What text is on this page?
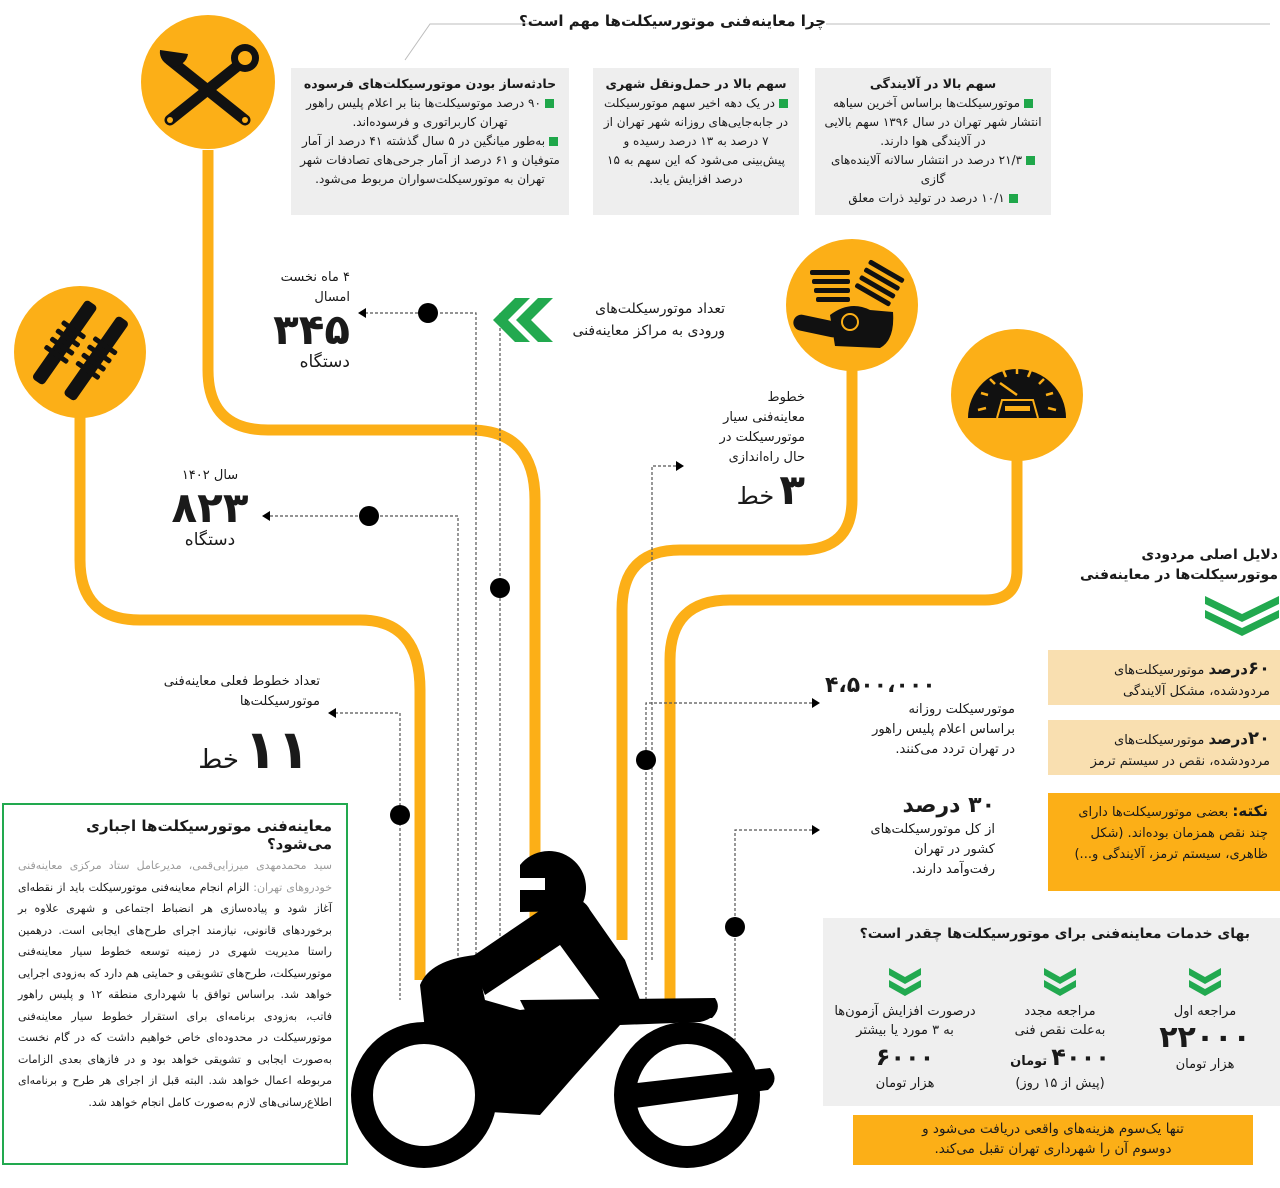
چرا معاینه‌فنی موتورسیکلت‌ها مهم است؟
سهم بالا در آلایندگی
موتورسیکلت‌ها براساس آخرین سیاهه انتشار شهر تهران در سال ۱۳۹۶ سهم بالایی در آلایندگی هوا دارند.
۲۱/۳ درصد در انتشار سالانه آلاینده‌های گازی
۱۰/۱ درصد در تولید ذرات معلق
سهم بالا در حمل‌ونقل شهری
در یک دهه اخیر سهم موتورسیکلت در جابه‌جایی‌های روزانه شهر تهران از ۷ درصد به ۱۳ درصد رسیده و پیش‌بینی می‌شود که این سهم به ۱۵ درصد افزایش یابد.
حادثه‌ساز بودن موتورسیکلت‌های فرسوده
۹۰ درصد موتوسیکلت‌ها بنا بر اعلام پلیس راهور تهران کاربراتوری و فرسوده‌اند.
به‌طور میانگین در ۵ سال گذشته ۴۱ درصد از آمار متوفیان و ۶۱ درصد از آمار جرحی‌های تصادفات شهر تهران به موتورسیکلت‌سواران مربوط می‌شود.
تعداد موتورسیکلت‌های
ورودی به مراکز معاینه‌فنی
۴ ماه نخست
امسال
۳۴۵
دستگاه
سال ۱۴۰۲
۸۲۳
دستگاه
خطوط
معاینه‌فنی سیار
موتورسیکلت در
حال راه‌اندازی
۳ خط
تعداد خطوط فعلی معاینه‌فنی
موتورسیکلت‌ها
۱۱ خط
۴،۵۰۰،۰۰۰
موتورسیکلت روزانه
براساس اعلام پلیس راهور
در تهران تردد می‌کنند.
۳۰ درصد
از کل موتورسیکلت‌های
کشور در تهران
رفت‌وآمد دارند.
معاینه‌فنی موتورسیکلت‌ها اجباری می‌شود؟

سید محمدمهدی میرزایی‌قمی، مدیرعامل ستاد مرکزی معاینه‌فنی خودروهای تهران: الزام انجام معاینه‌فنی موتورسیکلت باید از نقطه‌ای آغاز شود و پیاده‌سازی هر انضباط اجتماعی و شهری علاوه بر برخوردهای قانونی، نیازمند اجرای طرح‌های ایجابی است. درهمین راستا مدیریت شهری در زمینه توسعه خطوط سیار معاینه‌فنی موتورسیکلت، طرح‌های تشویقی و حمایتی هم دارد که به‌زودی اجرایی خواهد شد. براساس توافق با شهرداری منطقه ۱۲ و پلیس راهور فاتب، به‌زودی برنامه‌ای برای استقرار خطوط سیار معاینه‌فنی موتورسیکلت در محدوده‌ای خاص خواهیم داشت که در گام نخست به‌صورت ایجابی و تشویقی خواهد بود و در فازهای بعدی الزامات مربوطه اعمال خواهد شد. البته قبل از اجرای هر طرح و برنامه‌ای اطلاع‌رسانی‌های لازم به‌صورت کامل انجام خواهد شد.

دلایل اصلی مردودی
موتورسیکلت‌ها در معاینه‌فنی
۶۰درصد موتورسیکلت‌های مردودشده، مشکل آلایندگی
۲۰درصد موتورسیکلت‌های مردودشده، نقص در سیستم ترمز
نکته: بعضی موتورسیکلت‌ها دارای چند نقص همزمان بوده‌اند. (شکل ظاهری، سیستم ترمز، آلایندگی و...)
بهای خدمات معاینه‌فنی برای موتورسیکلت‌ها چقدر است؟
مراجعه اول
۲۲۰۰۰
هزار تومان
مراجعه مجدد
به‌علت نقص فنی
۴۰۰۰ تومان
(پیش از ۱۵ روز)
درصورت افزایش آزمون‌ها
به ۳ مورد یا بیشتر
۶۰۰۰
هزار تومان
تنها یک‌سوم هزینه‌های واقعی دریافت می‌شود و
دوسوم آن را شهرداری تهران تقبل می‌کند.
